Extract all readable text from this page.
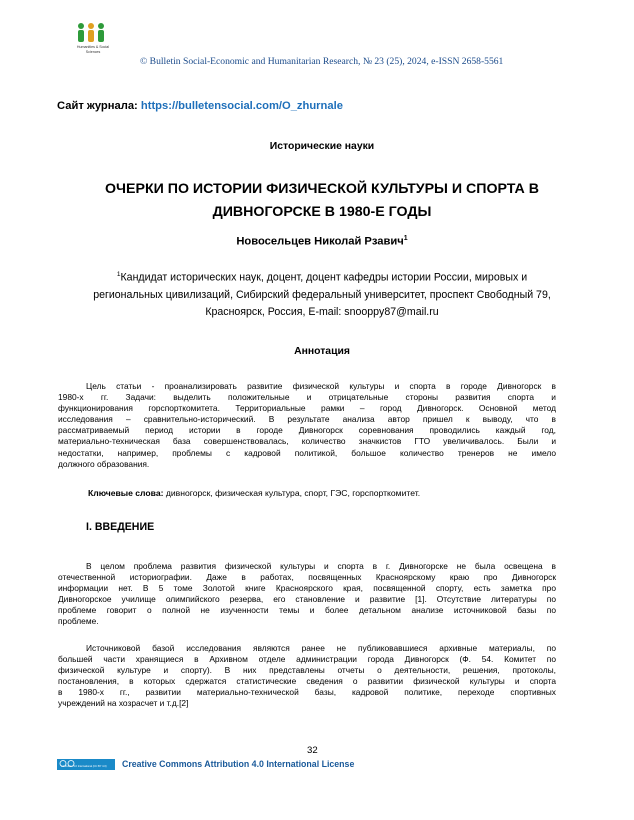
Humanities & Social
Sciences
© Bulletin Social-Economic and Humanitarian Research, № 23 (25), 2024, e-ISSN 2658-5561
Сайт журнала: https://bulletensocial.com/O_zhurnale
Исторические науки
ОЧЕРКИ ПО ИСТОРИИ ФИЗИЧЕСКОЙ КУЛЬТУРЫ И СПОРТА В
ДИВНОГОРСКЕ В 1980-Е ГОДЫ
Новосельцев Николай Рзавич$^1$
$^1$Кандидат исторических наук, доцент, доцент кафедры истории России, мировых и
региональных цивилизаций, Сибирский федеральный университет, проспект Свободный 79,
Красноярск, Россия, E-mail: snooppy87@mail.ru
Аннотация
Цель статьи - проанализировать развитие физической культуры и спорта в городе Дивногорск в
1980-х гг. Задачи: выделить положительные и отрицательные стороны развития спорта и
функционирования горспорткомитета. Территориальные рамки – город Дивногорск. Основной метод
исследования – сравнительно-исторический. В результате анализа автор пришел к выводу, что в
рассматриваемый период истории в городе Дивногорск соревнования проводились каждый год,
материально-техническая база совершенствовалась, количество значкистов ГТО увеличивалось. Были и
недостатки, например, проблемы с кадровой политикой, большое количество тренеров не имело
должного образования.
Ключевые слова: дивногорск, физическая культура, спорт, ГЭС, горспорткомитет.
I. ВВЕДЕНИЕ
В целом проблема развития физической культуры и спорта в г. Дивногорске не была освещена в
отечественной историографии. Даже в работах, посвященных Красноярскому краю про Дивногорск
информации нет. В 5 томе Золотой книге Красноярского края, посвященной спорту, есть заметка про
Дивногорское училище олимпийского резерва, его становление и развитие [1]. Отсутствие литературы по
проблеме говорит о полной не изученности темы и более детальном анализе источниковой базы по
проблеме.
Источниковой базой исследования являются ранее не публиковавшиеся архивные материалы, по
большей части хранящиеся в Архивном отделе администрации города Дивногорск (Ф. 54. Комитет по
физической культуре и спорту). В них представлены отчеты о деятельности, решения, протоколы,
постановления, в которых сдержатся статистические сведения о развитии физической культуры и спорта
в 1980-х гг., развитии материально-технической базы, кадровой политике, переходе спортивных
учреждений на хозрасчет и т.д.[2]
32
Attribution 4.0 International (CC BY 4.0) Creative Commons Attribution 4.0 International License
